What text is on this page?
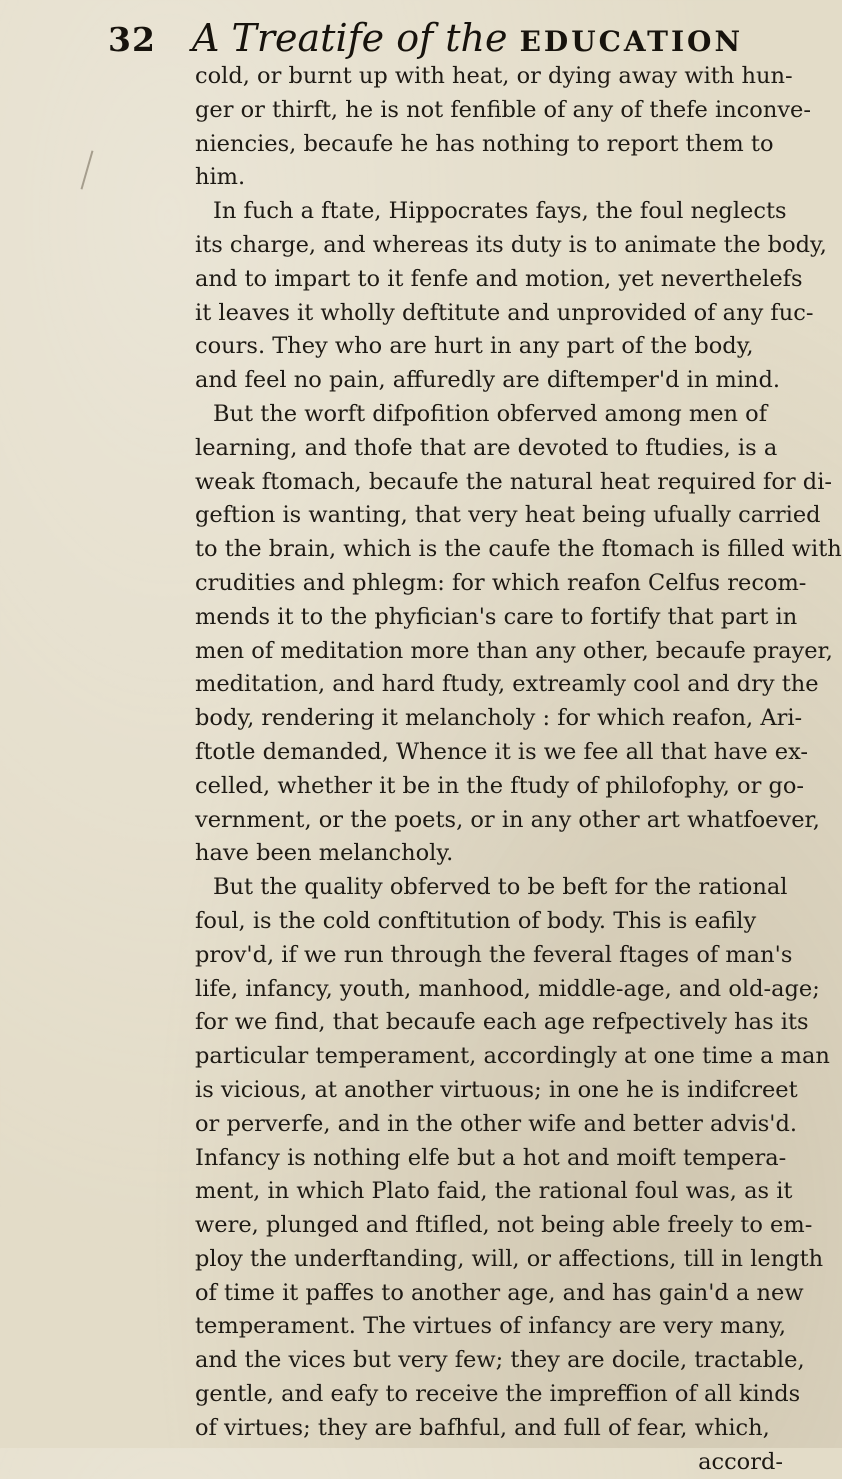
32 A Treatife of the EDUCATION
cold, or burnt up with heat, or dying away with hun-
ger or thirft, he is not fenfible of any of thefe inconve-
niencies, becaufe he has nothing to report them to
him.
In fuch a ftate, Hippocrates fays, the foul neglects
its charge, and whereas its duty is to animate the body,
and to impart to it fenfe and motion, yet neverthelefs
it leaves it wholly deftitute and unprovided of any fuc-
cours. They who are hurt in any part of the body,
and feel no pain, affuredly are diftemper'd in mind.
But the worft difpofition obferved among men of
learning, and thofe that are devoted to ftudies, is a
weak ftomach, becaufe the natural heat required for di-
geftion is wanting, that very heat being ufually carried
to the brain, which is the caufe the ftomach is filled with
crudities and phlegm: for which reafon Celfus recom-
mends it to the phyfician's care to fortify that part in
men of meditation more than any other, becaufe prayer,
meditation, and hard ftudy, extreamly cool and dry the
body, rendering it melancholy : for which reafon, Ari-
ftotle demanded, Whence it is we fee all that have ex-
celled, whether it be in the ftudy of philofophy, or go-
vernment, or the poets, or in any other art whatfoever,
have been melancholy.
But the quality obferved to be beft for the rational
foul, is the cold conftitution of body. This is eafily
prov'd, if we run through the feveral ftages of man's
life, infancy, youth, manhood, middle-age, and old-age;
for we find, that becaufe each age refpectively has its
particular temperament, accordingly at one time a man
is vicious, at another virtuous; in one he is indifcreet
or perverfe, and in the other wife and better advis'd.
Infancy is nothing elfe but a hot and moift tempera-
ment, in which Plato faid, the rational foul was, as it
were, plunged and ftifled, not being able freely to em-
ploy the underftanding, will, or affections, till in length
of time it paffes to another age, and has gain'd a new
temperament. The virtues of infancy are very many,
and the vices but very few; they are docile, tractable,
gentle, and eafy to receive the impreffion of all kinds
of virtues; they are bafhful, and full of fear, which,
accord-
